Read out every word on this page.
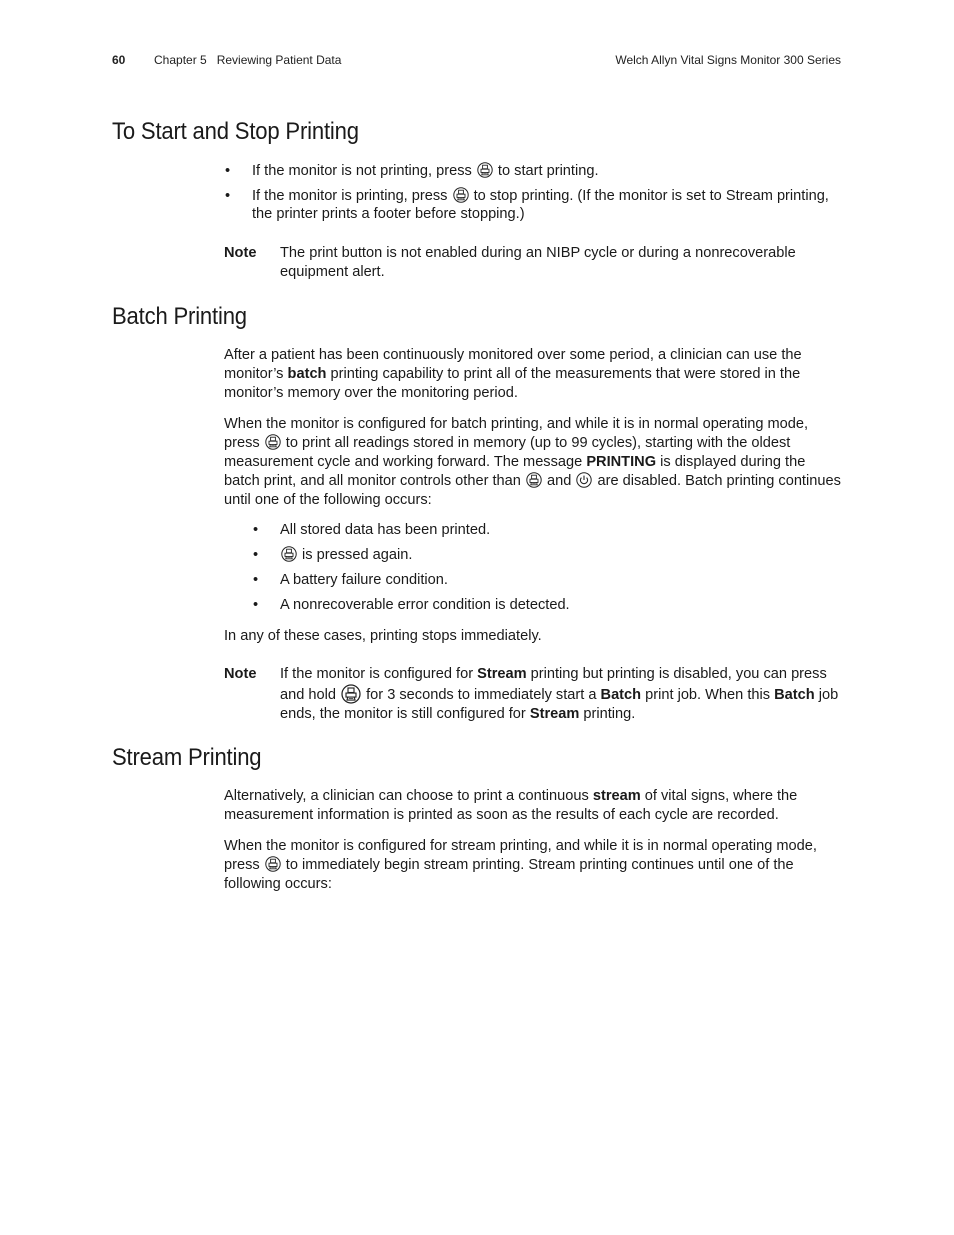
60 Chapter 5   Reviewing Patient Data	Welch Allyn Vital Signs Monitor 300 Series
To Start and Stop Printing
• If the monitor is not printing, press
to start printing.
• If the monitor is printing, press
to stop printing. (If the monitor is set to Stream printing, the printer prints a footer before stopping.)
Note The print button is not enabled during an NIBP cycle or during a nonrecoverable equipment alert.
Batch Printing

After a patient has been continuously monitored over some period, a clinician can use the monitor’s batch printing capability to print all of the measurements that were stored in the monitor’s memory over the monitoring period.

When the monitor is configured for batch printing, and while it is in normal operating mode, press
to print all readings stored in memory (up to 99 cycles), starting with the oldest measurement cycle and working forward. The message PRINTING is displayed during the batch print, and all monitor controls other than
and
are disabled. Batch printing continues until one of the following occurs:

• All stored data has been printed.
•	is pressed again.
• A battery failure condition.
• A nonrecoverable error condition is detected.

In any of these cases, printing stops immediately.

Note If the monitor is configured for Stream printing but printing is disabled, you can press and hold
for 3 seconds to immediately start a Batch print job. When this Batch job ends, the monitor is still configured for Stream printing.
Stream Printing

Alternatively, a clinician can choose to print a continuous stream of vital signs, where the measurement information is printed as soon as the results of each cycle are recorded.

When the monitor is configured for stream printing, and while it is in normal operating mode, press
to immediately begin stream printing. Stream printing continues until one of the following occurs:
